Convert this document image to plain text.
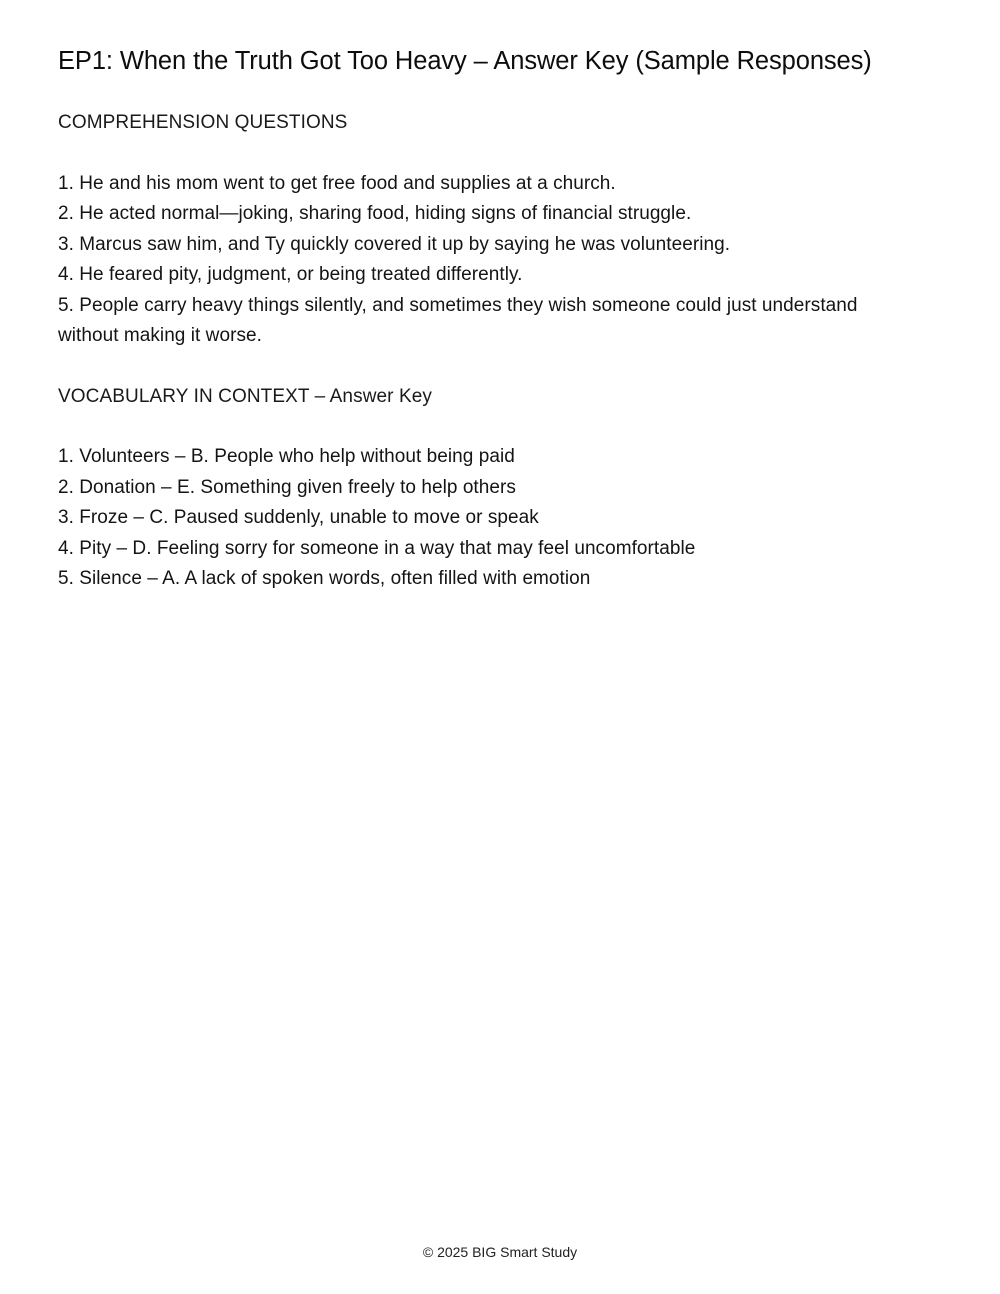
EP1: When the Truth Got Too Heavy – Answer Key (Sample Responses)
COMPREHENSION QUESTIONS
1. He and his mom went to get free food and supplies at a church.
2. He acted normal—joking, sharing food, hiding signs of financial struggle.
3. Marcus saw him, and Ty quickly covered it up by saying he was volunteering.
4. He feared pity, judgment, or being treated differently.
5. People carry heavy things silently, and sometimes they wish someone could just understand without making it worse.
VOCABULARY IN CONTEXT – Answer Key
1. Volunteers – B. People who help without being paid
2. Donation – E. Something given freely to help others
3. Froze – C. Paused suddenly, unable to move or speak
4. Pity – D. Feeling sorry for someone in a way that may feel uncomfortable
5. Silence – A. A lack of spoken words, often filled with emotion
© 2025 BIG Smart Study
